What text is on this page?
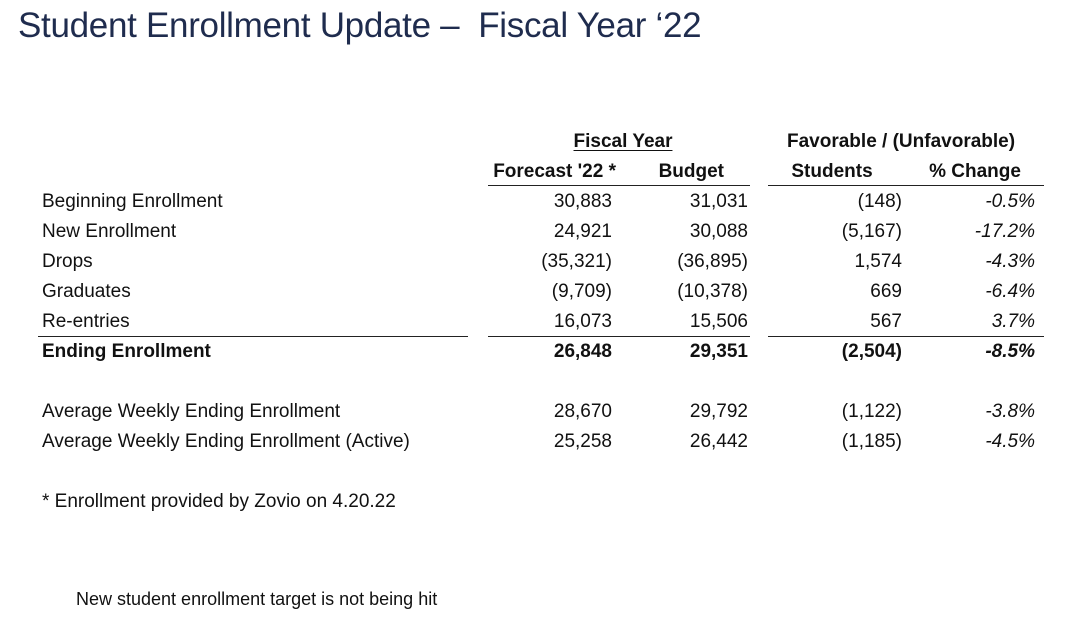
Student Enrollment Update –  Fiscal Year ‘22
Fiscal Year	Favorable / (Unfavorable)
Forecast '22 *	Budget	Students	% Change
Beginning Enrollment	30,883	31,031	(148)	-0.5%
New Enrollment	24,921	30,088	(5,167)	-17.2%
Drops	(35,321)	(36,895)	1,574	-4.3%
Graduates	(9,709)	(10,378)	669	-6.4%
Re-entries	16,073	15,506	567	3.7%
Ending Enrollment	26,848	29,351	(2,504)	-8.5%
Average Weekly Ending Enrollment	28,670	29,792	(1,122)	-3.8%
Average Weekly Ending Enrollment (Active)	25,258	26,442	(1,185)	-4.5%
* Enrollment provided by Zovio on 4.20.22
New student enrollment target is not being hit
